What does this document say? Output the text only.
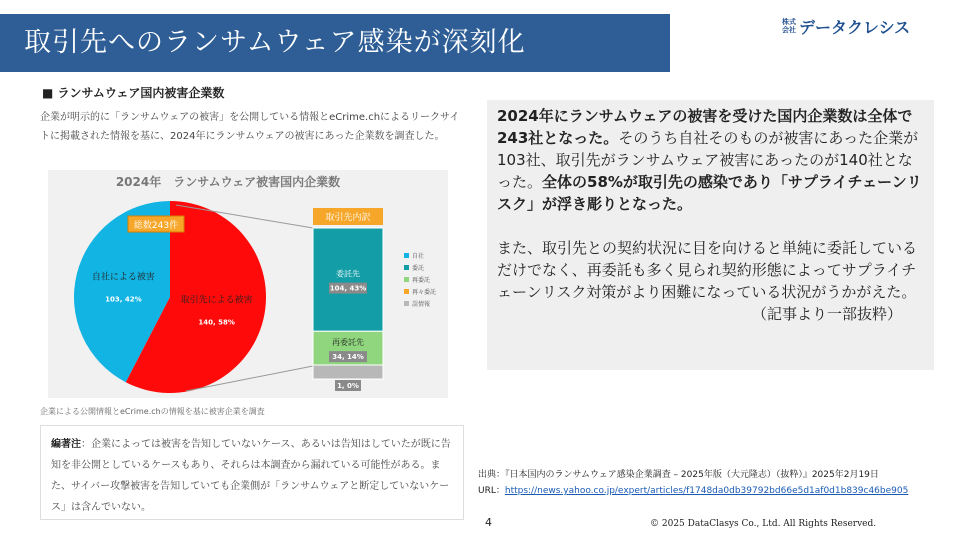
取引先へのランサムウェア感染が深刻化
株式会社 データクレシス
■ ランサムウェア国内被害企業数
企業が明示的に「ランサムウェアの被害」を公開している情報とeCrime.chによるリークサイトに掲載された情報を基に、2024年にランサムウェアの被害にあった企業数を調査した。
2024年　ランサムウェア被害国内企業数
自社による被害
103, 42%	取引先による被害
140, 58%
総数243件
取引先内訳
委託先
104, 43%
再委託先
34, 14%
1, 0%
自社
委託
再委託
再々委託
誤情報
企業による公開情報とeCrime.chの情報を基に被害企業を調査
編著注：企業によっては被害を告知していないケース、あるいは告知はしていたが既に告知を非公開としているケースもあり、それらは本調査から漏れている可能性がある。また、サイバー攻撃被害を告知していても企業側が「ランサムウェアと断定していないケース」は含んでいない。
2024年にランサムウェアの被害を受けた国内企業数は全体で243社となった。そのうち自社そのものが被害にあった企業が103社、取引先がランサムウェア被害にあったのが140社となった。全体の58%が取引先の感染であり「サプライチェーンリスク」が浮き彫りとなった。
また、取引先との契約状況に目を向けると単純に委託しているだけでなく、再委託も多く見られ契約形態によってサプライチェーンリスク対策がより困難になっている状況がうかがえた。
（記事より一部抜粋）
出典：『日本国内のランサムウェア感染企業調査 – 2025年版（大元隆志）（抜粋）』2025年2月19日
URL：https://news.yahoo.co.jp/expert/articles/f1748da0db39792bd66e5d1af0d1b839c46be905
4	© 2025 DataClasys Co., Ltd. All Rights Reserved.
